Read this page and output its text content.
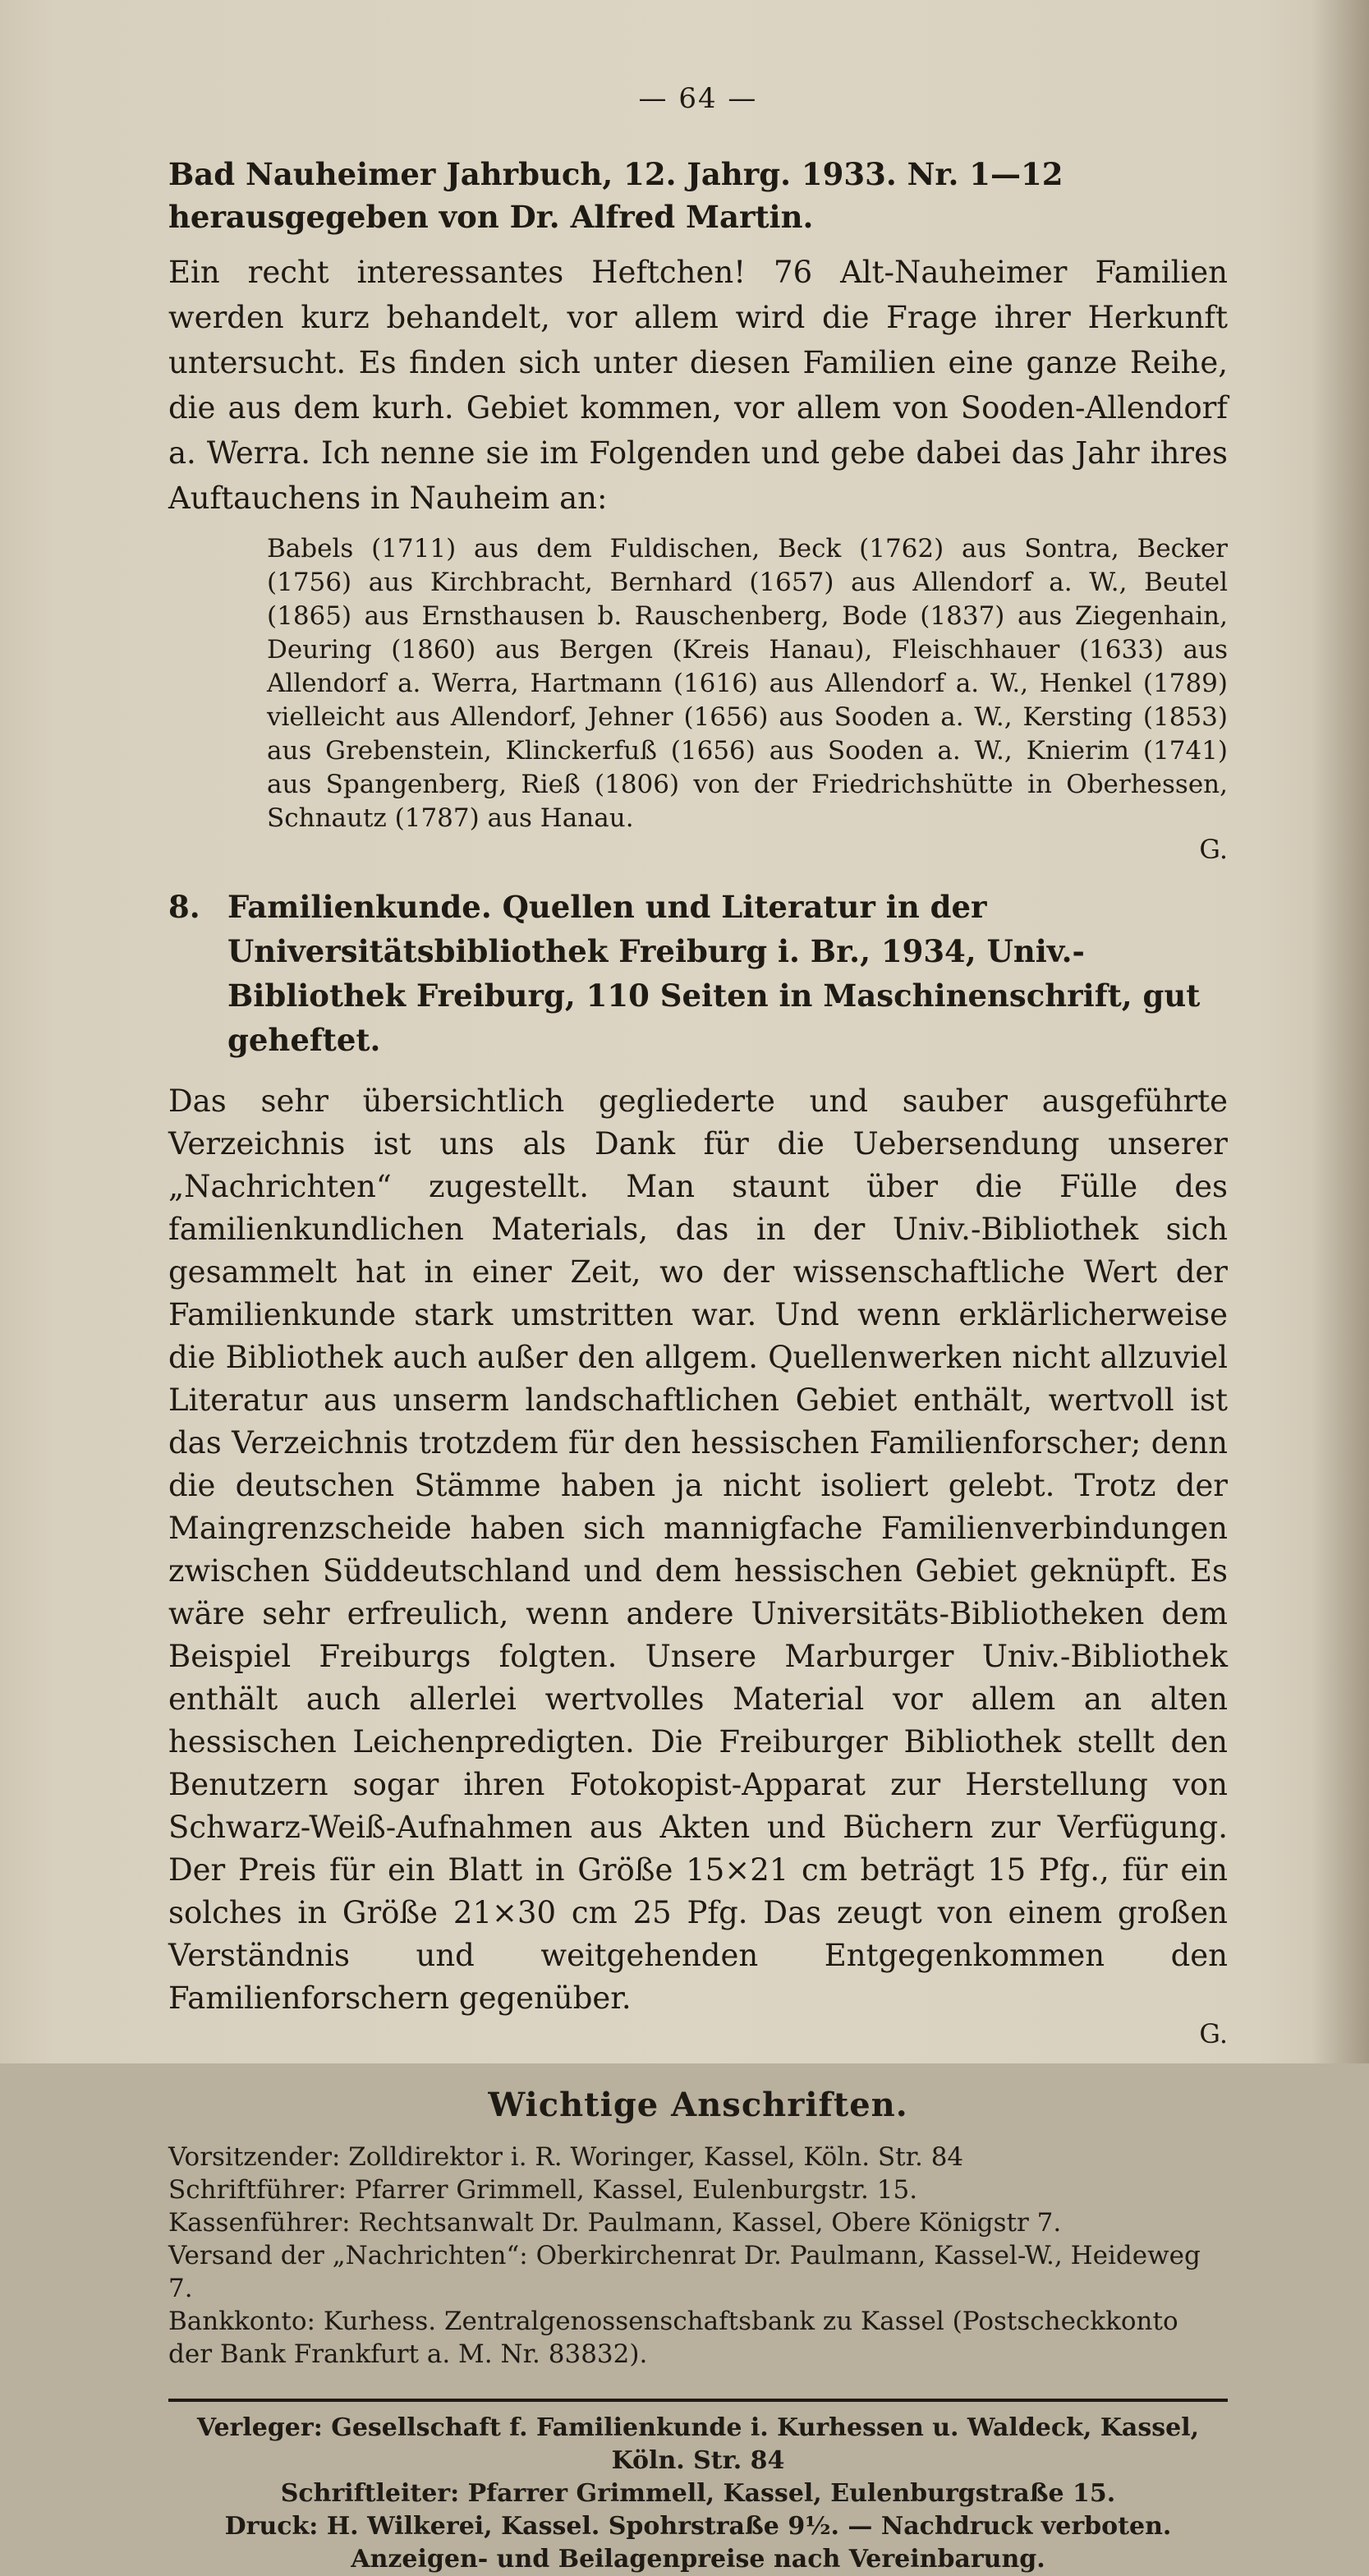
— 64 —

Bad Nauheimer Jahrbuch, 12. Jahrg. 1933. Nr. 1—12 herausgegeben von Dr. Alfred Martin.

Ein recht interessantes Heftchen! 76 Alt-Nauheimer Familien werden kurz behandelt, vor allem wird die Frage ihrer Herkunft untersucht. Es finden sich unter diesen Familien eine ganze Reihe, die aus dem kurh. Gebiet kommen, vor allem von Sooden-Allendorf a. Werra. Ich nenne sie im Folgenden und gebe dabei das Jahr ihres Auftauchens in Nauheim an:

Babels (1711) aus dem Fuldischen, Beck (1762) aus Sontra, Becker (1756) aus Kirchbracht, Bernhard (1657) aus Allendorf a. W., Beutel (1865) aus Ernsthausen b. Rauschenberg, Bode (1837) aus Ziegenhain, Deuring (1860) aus Bergen (Kreis Hanau), Fleischhauer (1633) aus Allendorf a. Werra, Hartmann (1616) aus Allendorf a. W., Henkel (1789) vielleicht aus Allendorf, Jehner (1656) aus Sooden a. W., Kersting (1853) aus Grebenstein, Klinckerfuß (1656) aus Sooden a. W., Knierim (1741) aus Spangenberg, Rieß (1806) von der Friedrichshütte in Oberhessen, Schnautz (1787) aus Hanau.

G.

8. Familienkunde. Quellen und Literatur in der Universitätsbibliothek Freiburg i. Br., 1934, Univ.-Bibliothek Freiburg, 110 Seiten in Maschinenschrift, gut geheftet.

Das sehr übersichtlich gegliederte und sauber ausgeführte Verzeichnis ist uns als Dank für die Uebersendung unserer „Nachrichten“ zugestellt. Man staunt über die Fülle des familienkundlichen Materials, das in der Univ.-Bibliothek sich gesammelt hat in einer Zeit, wo der wissenschaftliche Wert der Familienkunde stark umstritten war. Und wenn erklärlicherweise die Bibliothek auch außer den allgem. Quellenwerken nicht allzuviel Literatur aus unserm landschaftlichen Gebiet enthält, wertvoll ist das Verzeichnis trotzdem für den hessischen Familienforscher; denn die deutschen Stämme haben ja nicht isoliert gelebt. Trotz der Maingrenzscheide haben sich mannigfache Familienverbindungen zwischen Süddeutschland und dem hessischen Gebiet geknüpft. Es wäre sehr erfreulich, wenn andere Universitäts-Bibliotheken dem Beispiel Freiburgs folgten. Unsere Marburger Univ.-Bibliothek enthält auch allerlei wertvolles Material vor allem an alten hessischen Leichenpredigten. Die Freiburger Bibliothek stellt den Benutzern sogar ihren Fotokopist-Apparat zur Herstellung von Schwarz-Weiß-Aufnahmen aus Akten und Büchern zur Verfügung. Der Preis für ein Blatt in Größe 15×21 cm beträgt 15 Pfg., für ein solches in Größe 21×30 cm 25 Pfg. Das zeugt von einem großen Verständnis und weitgehenden Entgegenkommen den Familienforschern gegenüber.

G.

Wichtige Anschriften.

Vorsitzender: Zolldirektor i. R. Woringer, Kassel, Köln. Str. 84

Schriftführer: Pfarrer Grimmell, Kassel, Eulenburgstr. 15.

Kassenführer: Rechtsanwalt Dr. Paulmann, Kassel, Obere Königstr 7.

Versand der „Nachrichten“: Oberkirchenrat Dr. Paulmann, Kassel-W., Heideweg 7.

Bankkonto: Kurhess. Zentralgenossenschaftsbank zu Kassel (Postscheckkonto der Bank Frankfurt a. M. Nr. 83832).

Verleger: Gesellschaft f. Familienkunde i. Kurhessen u. Waldeck, Kassel, Köln. Str. 84

Schriftleiter: Pfarrer Grimmell, Kassel, Eulenburgstraße 15.

Druck: H. Wilkerei, Kassel. Spohrstraße 9½. — Nachdruck verboten.

Anzeigen- und Beilagenpreise nach Vereinbarung.
